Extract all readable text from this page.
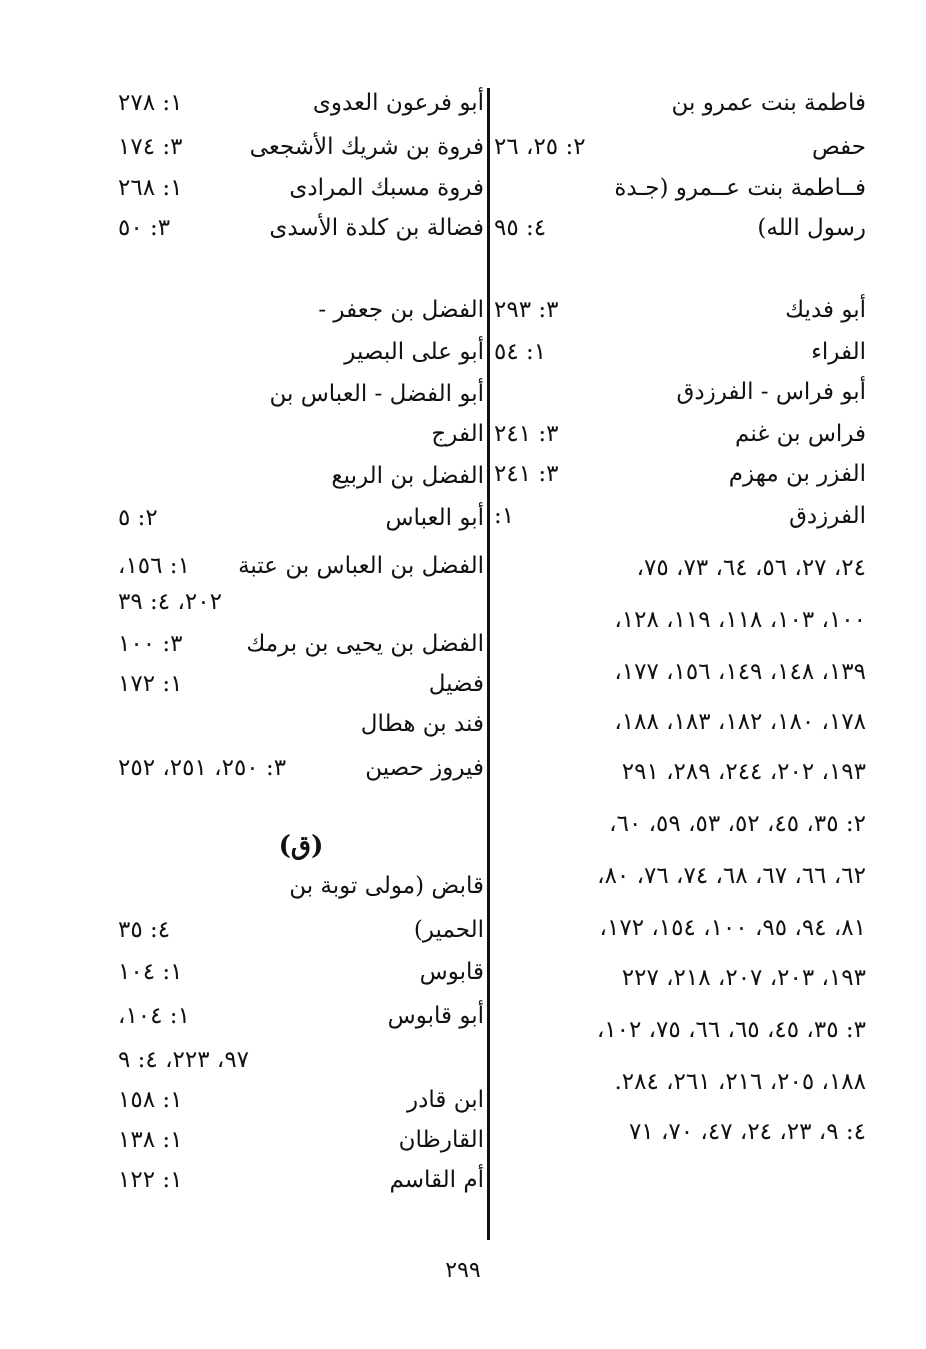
فاطمة بنت عمرو بن
حفص
٢: ٢٥، ٢٦
فــاطمة بنت عــمرو (جـدة
رسول الله)
٤: ٩٥
أبو فديك
٣: ٢٩٣
الفراء
١: ٥٤
أبو فراس - الفرزدق
فراس بن غنم
٣: ٢٤١
الفزر بن مهزم
٣: ٢٤١
الفرزدق
١:
٢٤، ٢٧، ٥٦، ٦٤، ٧٣، ٧٥،
١٠٠، ١٠٣، ١١٨، ١١٩، ١٢٨،
١٣٩، ١٤٨، ١٤٩، ١٥٦، ١٧٧،
١٧٨، ١٨٠، ١٨٢، ١٨٣، ١٨٨،
١٩٣، ٢٠٢، ٢٤٤، ٢٨٩، ٢٩١
٢: ٣٥، ٤٥، ٥٢، ٥٣، ٥٩، ٦٠،
٦٢، ٦٦، ٦٧، ٦٨، ٧٤، ٧٦، ٨٠،
٨١، ٩٤، ٩٥، ١٠٠، ١٥٤، ١٧٢،
١٩٣، ٢٠٣، ٢٠٧، ٢١٨، ٢٢٧
٣: ٣٥، ٤٥، ٦٥، ٦٦، ٧٥، ١٠٢،
١٨٨، ٢٠٥، ٢١٦، ٢٦١، ٢٨٤.
٤: ٩، ٢٣، ٢٤، ٤٧، ٧٠، ٧١
أبو فرعون العدوى
١: ٢٧٨
فروة بن شريك الأشجعى
٣: ١٧٤
فروة مسبك المرادى
١: ٢٦٨
فضالة بن كلدة الأسدى
٣: ٥٠
الفضل بن جعفر -
أبو على البصير
أبو الفضل - العباس بن
الفرج
الفضل بن الربيع
أبو العباس
٢: ٥
الفضل بن العباس بن عتبة
١: ١٥٦،
٢٠٢، ٤: ٣٩
الفضل بن يحيى بن برمك
٣: ١٠٠
فضيل
١: ١٧٢
فند بن هطال
فيروز حصين
٣: ٢٥٠، ٢٥١، ٢٥٢
(ق)
قابض (مولى توبة بن
الحمير)
٤: ٣٥
قابوس
١: ١٠٤
أبو قابوس
١: ١٠٤،
٩٧، ٢٢٣، ٤: ٩
ابن قادر
١: ١٥٨
القارظان
١: ١٣٨
أم القاسم
١: ١٢٢
٢٩٩
